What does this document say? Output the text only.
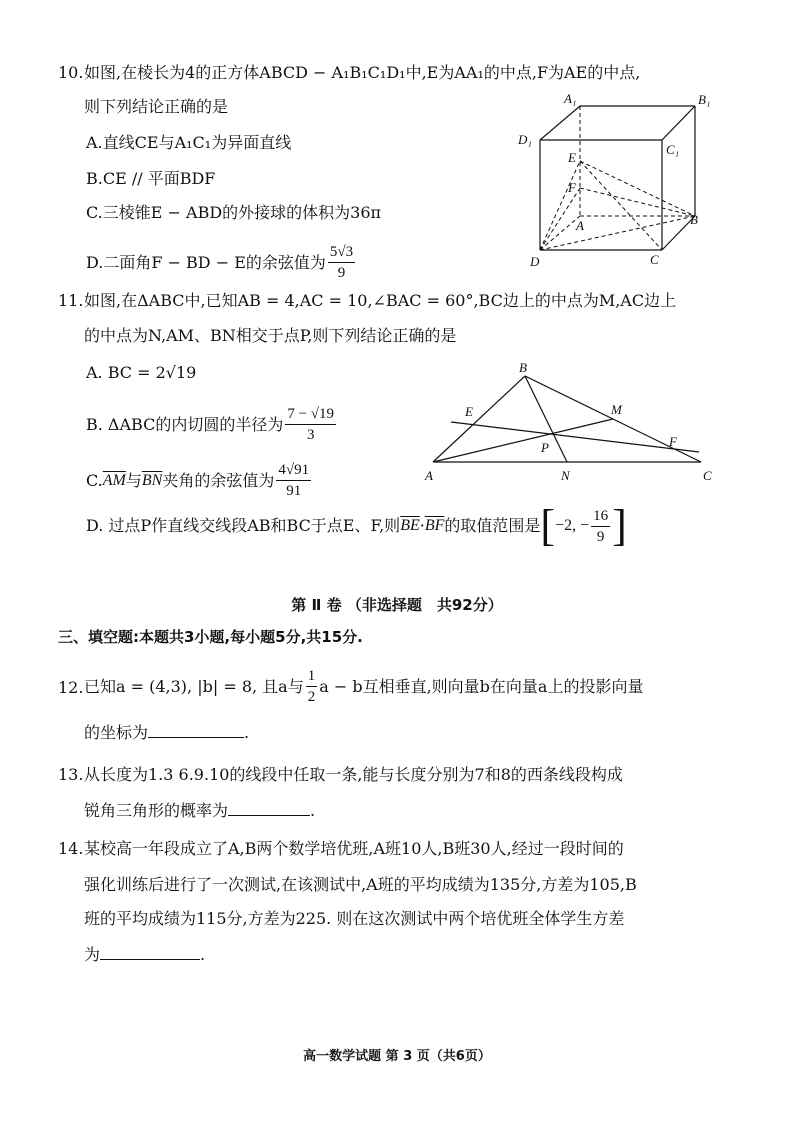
10. 如图,在棱长为4的正方体ABCD − A₁B₁C₁D₁中,E为AA₁的中点,F为AE的中点,
则下列结论正确的是
A.直线CE与A₁C₁为异面直线
B.CE // 平面BDF
C.三棱锥E − ABD的外接球的体积为36π
D.二面角F − BD − E的余弦值为 $\frac{5√3}{9}$
A₁	B₁
C₁
D₁
E
F
A	B
C
D
11. 如图,在ΔABC中,已知AB = 4,AC = 10,∠BAC = 60°,BC边上的中点为M,AC边上
的中点为N,AM、BN相交于点P,则下列结论正确的是
A. BC = 2√19
B. ΔABC的内切圆的半径为 $\frac{7 - √19}{3}$
C. $\overline{AM}$ 与 $\overline{BN}$ 夹角的余弦值为 $\frac{4√91}{91}$
D. 过点P作直线交线段AB和BC于点E、F,则 $\overline{BE} \cdot \overline{BF}$ 的取值范围是 [ −2, − $\frac{16}{9}$ ]
A
B
C
E
F
M
N
P
第 Ⅱ 卷 （非选择题　共92分）
三、填空题:本题共3小题,每小题5分,共15分.
12. 已知a = (4,3), |b| = 8, 且a与 $\frac{1}{2}$ a − b互相垂直,则向量b在向量a上的投影向量
的坐标为	.
13. 从长度为1.3 6.9.10的线段中任取一条,能与长度分别为7和8的西条线段构成
锐角三角形的概率为	.
14. 某校高一年段成立了A,B两个数学培优班,A班10人,B班30人,经过一段时间的
强化训练后进行了一次测试,在该测试中,A班的平均成绩为135分,方差为105,B
班的平均成绩为115分,方差为225. 则在这次测试中两个培优班全体学生方差
为	.
高一数学试题 第 3 页（共6页）
